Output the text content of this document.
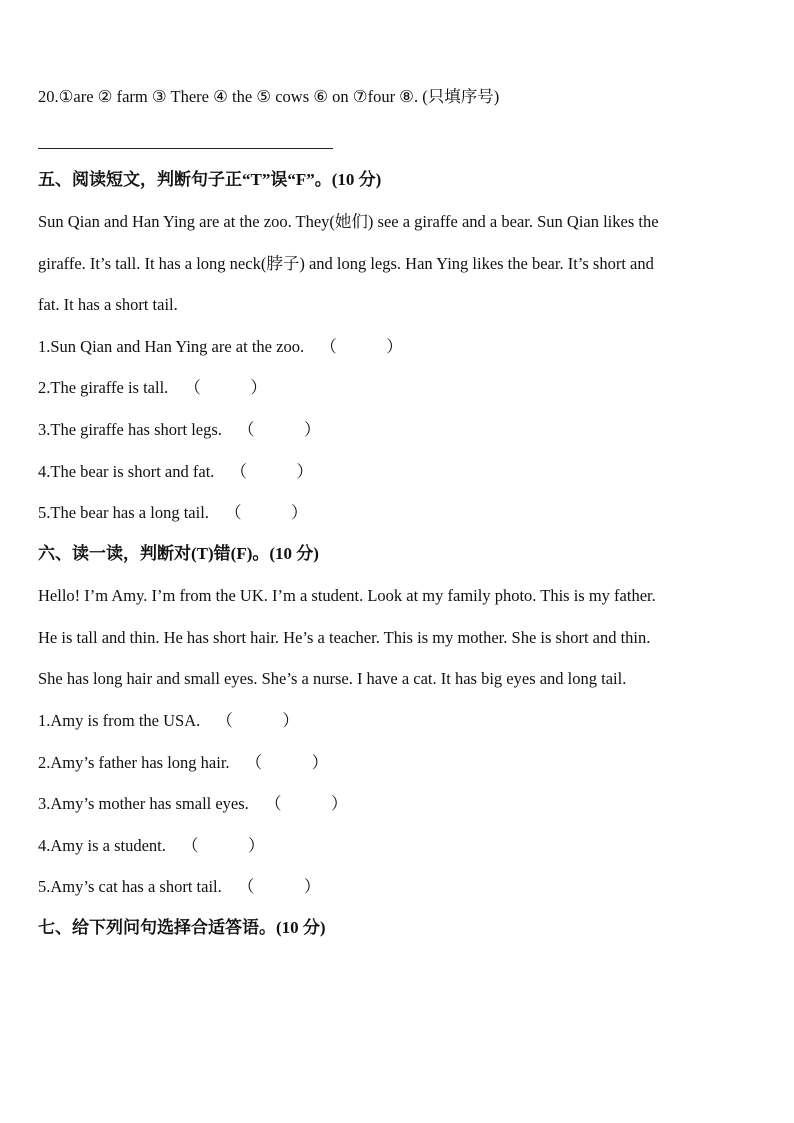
20.①are ② farm ③ There ④ the ⑤ cows ⑥ on ⑦four ⑧. (只填序号)
五、阅读短文，判断句子正“T”误“F”。(10 分)
Sun Qian and Han Ying are at the zoo. They(她们) see a giraffe and a bear. Sun Qian likes the
giraffe. It’s tall. It has a long neck(脖子) and long legs. Han Ying likes the bear. It’s short and
fat. It has a short tail.
1.Sun Qian and Han Ying are at the zoo. （　　　）
2.The giraffe is tall. （　　　）
3.The giraffe has short legs. （　　　）
4.The bear is short and fat. （　　　）
5.The bear has a long tail. （　　　）
六、读一读，判断对(T)错(F)。(10 分)
Hello! I’m Amy. I’m from the UK. I’m a student. Look at my family photo. This is my father.
He is tall and thin. He has short hair. He’s a teacher. This is my mother. She is short and thin.
She has long hair and small eyes. She’s a nurse. I have a cat. It has big eyes and long tail.
1.Amy is from the USA. （　　　）
2.Amy’s father has long hair. （　　　）
3.Amy’s mother has small eyes. （　　　）
4.Amy is a student. （　　　）
5.Amy’s cat has a short tail. （　　　）
七、给下列问句选择合适答语。(10 分)
